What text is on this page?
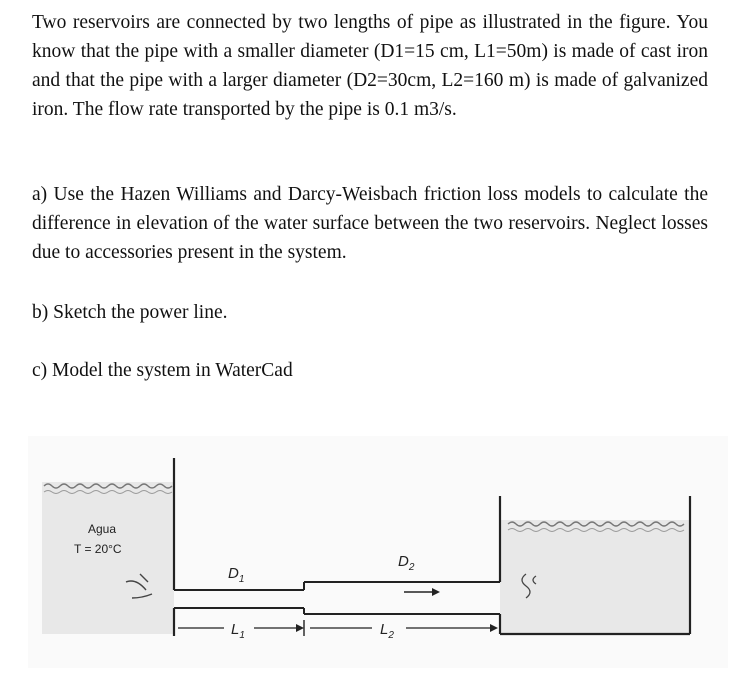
Two reservoirs are connected by two lengths of pipe as illustrated in the figure. You know that the pipe with a smaller diameter (D1=15 cm, L1=50m) is made of cast iron and that the pipe with a larger diameter (D2=30cm, L2=160 m) is made of galvanized iron. The flow rate transported by the pipe is 0.1 m3/s.

a) Use the Hazen Williams and Darcy-Weisbach friction loss models to calculate the difference in elevation of the water surface between the two reservoirs. Neglect losses due to accessories present in the system.

b) Sketch the power line.

c) Model the system in WaterCad

Agua
T = 20°C
$D_1$
$D_2$
$L_1$	$L_2$
